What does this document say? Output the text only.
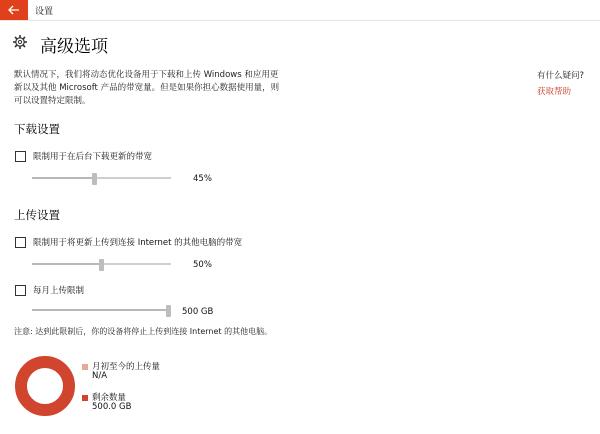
设置
高级选项
默认情况下，我们将动态优化设备用于下载和上传 Windows 和应用更新以及其他 Microsoft 产品的带宽量。但是如果你担心数据使用量，则可以设置特定限制。
有什么疑问?
获取帮助
下载设置
限制用于在后台下载更新的带宽
45%
上传设置
限制用于将更新上传到连接 Internet 的其他电脑的带宽
50%
每月上传限制
500 GB
注意: 达到此限制后，你的设备将停止上传到连接 Internet 的其他电脑。
月初至今的上传量
N/A
剩余数量
500.0 GB
